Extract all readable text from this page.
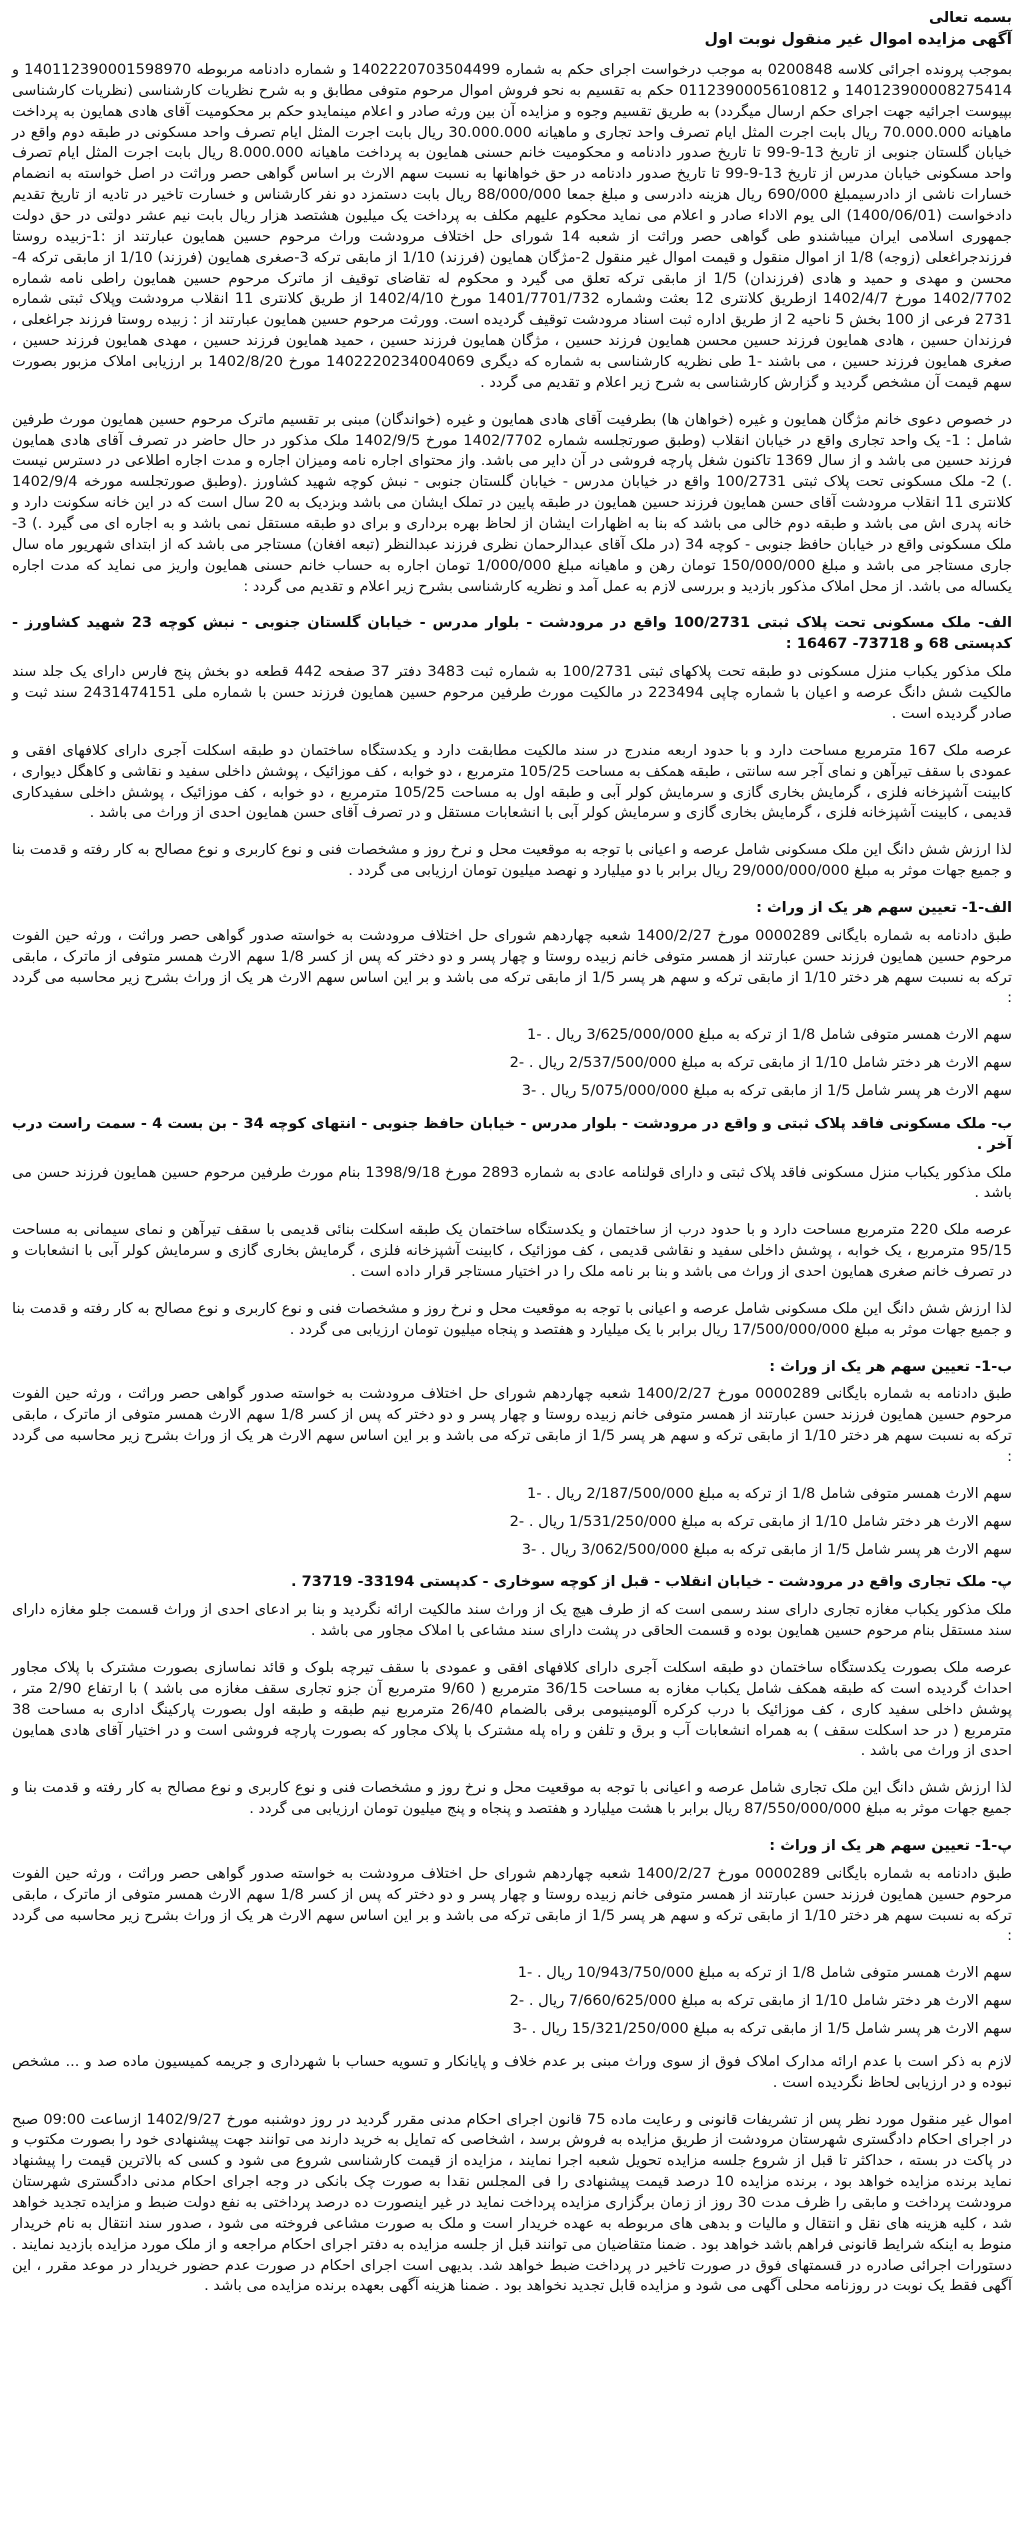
بسمه تعالی
آگهی مزایده اموال غیر منقول نوبت اول

بموجب پرونده اجرائی کلاسه 0200848 به موجب درخواست اجرای حکم به شماره 1402220703504499 و شماره دادنامه مربوطه 140112390001598970 و 140123900008275414 و 0112390005610812 حکم به تقسیم به نحو فروش اموال مرحوم متوفی مطابق و به شرح نظریات کارشناسی (نظریات کارشناسی بپیوست اجرائیه جهت اجرای حکم ارسال میگردد) به طریق تقسیم وجوه و مزایده آن بین ورثه صادر و اعلام مینمایدو حکم بر محکومیت آقای هادی همایون به پرداخت ماهیانه 70.000.000 ریال بابت اجرت المثل ایام تصرف واحد تجاری و ماهیانه 30.000.000 ریال بابت اجرت المثل ایام تصرف واحد مسکونی در طبقه دوم واقع در خیابان گلستان جنوبی از تاریخ 13-9-99 تا تاریخ صدور دادنامه و محکومیت خانم حسنی همایون به پرداخت ماهیانه 8.000.000 ریال بابت اجرت المثل ایام تصرف واحد مسکونی خیابان مدرس از تاریخ 13-9-99 تا تاریخ صدور دادنامه در حق خواهانها به نسبت سهم الارث بر اساس گواهی حصر وراثت در اصل خواسته به انضمام خسارات ناشی از دادرسیمبلغ 690/000 ریال هزینه دادرسی و مبلغ جمعا 88/000/000 ریال بابت دستمزد دو نفر کارشناس و خسارت تاخیر در تادیه از تاریخ تقدیم دادخواست (1400/06/01) الی یوم الاداء صادر و اعلام می نماید محکوم علیهم مکلف به پرداخت یک میلیون هشتصد هزار ریال بابت نیم عشر دولتی در حق دولت جمهوری اسلامی ایران میباشندو طی گواهی حصر وراثت از شعبه 14 شورای حل اختلاف مرودشت وراث مرحوم حسین همایون عبارتند از :1-زبیده روستا فرزندجراغعلی (زوجه) 1/8 از اموال منقول و قیمت اموال غیر منقول 2-مژگان همایون (فرزند) 1/10 از مابقی ترکه 3-صغری همایون (فرزند) 1/10 از مابقی ترکه 4-محسن و مهدی و حمید و هادی (فرزندان) 1/5 از مابقی ترکه تعلق می گیرد و محکوم له تقاضای توقیف از ماترک مرحوم حسین همایون راطی نامه شماره 1402/7702 مورخ 1402/4/7 ازطریق کلانتری 12 بعثت وشماره 1401/7701/732 مورخ 1402/4/10 از طریق کلانتری 11 انقلاب مرودشت وپلاک ثبتی شماره 2731 فرعی از 100 بخش 5 ناحیه 2 از طریق اداره ثبت اسناد مرودشت توقیف گردیده است. وورثت مرحوم حسین همایون عبارتند از : زبیده روستا فرزند جراغعلی ، فرزندان حسین ، هادی همایون فرزند حسین محسن همایون فرزند حسین ، مژگان همایون فرزند حسین ، حمید همایون فرزند حسین ، مهدی همایون فرزند حسین ، صغری همایون فرزند حسین ، می باشند -1 طی نظریه کارشناسی به شماره که دیگری 1402220234004069 مورخ 1402/8/20 بر ارزیابی املاک مزبور بصورت سهم قیمت آن مشخص گردید و گزارش کارشناسی به شرح زیر اعلام و تقدیم می گردد .

در خصوص دعوی خانم مژگان همایون و غیره (خواهان ها) بطرفیت آقای هادی همایون و غیره (خواندگان) مبنی بر تقسیم ماترک مرحوم حسین همایون مورث طرفین شامل : 1- یک واحد تجاری واقع در خیابان انقلاب (وطبق صورتجلسه شماره 1402/7702 مورخ 1402/9/5 ملک مذکور در حال حاضر در تصرف آقای هادی همایون فرزند حسین می باشد و از سال 1369 تاکنون شغل پارچه فروشی در آن دایر می باشد. واز محتوای اجاره نامه ومیزان اجاره و مدت اجاره اطلاعی در دسترس نیست .) 2- ملک مسکونی تحت پلاک ثبتی 100/2731 واقع در خیابان مدرس - خیابان گلستان جنوبی - نبش کوچه شهید کشاورز .(وطبق صورتجلسه مورخه 1402/9/4 کلانتری 11 انقلاب مرودشت آقای حسن همایون فرزند حسین همایون در طبقه پایین در تملک ایشان می باشد وبزدیک به 20 سال است که در این خانه سکونت دارد و خانه پدری اش می باشد و طبقه دوم خالی می باشد که بنا به اظهارات ایشان از لحاظ بهره برداری و برای دو طبقه مستقل نمی باشد و به اجاره ای می گیرد .) 3- ملک مسکونی واقع در خیابان حافظ جنوبی - کوچه 34 (در ملک آقای عبدالرحمان نظری فرزند عبدالنظر (تبعه افغان) مستاجر می باشد که از ابتدای شهریور ماه سال جاری مستاجر می باشد و مبلغ 150/000/000 تومان رهن و ماهیانه مبلغ 1/000/000 تومان اجاره به حساب خانم حسنی همایون واریز می نماید که مدت اجاره یکساله می باشد. از محل املاک مذکور بازدید و بررسی لازم به عمل آمد و نظریه کارشناسی بشرح زیر اعلام و تقدیم می گردد :

الف- ملک مسکونی تحت پلاک ثبتی 100/2731 واقع در مرودشت - بلوار مدرس - خیابان گلستان جنوبی - نبش کوچه 23 شهید کشاورز - کدپستی 68 و 73718- 16467 :

ملک مذکور یکباب منزل مسکونی دو طبقه تحت پلاکهای ثبتی 100/2731 به شماره ثبت 3483 دفتر 37 صفحه 442 قطعه دو بخش پنج فارس دارای یک جلد سند مالکیت شش دانگ عرصه و اعیان با شماره چاپی 223494 در مالکیت مورث طرفین مرحوم حسین همایون فرزند حسن با شماره ملی 2431474151 سند ثبت و صادر گردیده است .

عرصه ملک 167 مترمربع مساحت دارد و با حدود اربعه مندرج در سند مالکیت مطابقت دارد و یکدستگاه ساختمان دو طبقه اسکلت آجری دارای کلافهای افقی و عمودی با سقف تیرآهن و نمای آجر سه سانتی ، طبقه همکف به مساحت 105/25 مترمربع ، دو خوابه ، کف موزائیک ، پوشش داخلی سفید و نقاشی و کاهگل دیواری ، کابینت آشپزخانه فلزی ، گرمایش بخاری گازی و سرمایش کولر آبی و طبقه اول به مساحت 105/25 مترمربع ، دو خوابه ، کف موزائیک ، پوشش داخلی سفیدکاری قدیمی ، کابینت آشپزخانه فلزی ، گرمایش بخاری گازی و سرمایش کولر آبی با انشعابات مستقل و در تصرف آقای حسن همایون احدی از وراث می باشد .

لذا ارزش شش دانگ این ملک مسکونی شامل عرصه و اعیانی با توجه به موقعیت محل و نرخ روز و مشخصات فنی و نوع کاربری و نوع مصالح به کار رفته و قدمت بنا و جمیع جهات موثر به مبلغ 29/000/000/000 ریال برابر با دو میلیارد و نهصد میلیون تومان ارزیابی می گردد .

الف-1- تعیین سهم هر یک از وراث :

طبق دادنامه به شماره بایگانی 0000289 مورخ 1400/2/27 شعبه چهاردهم شورای حل اختلاف مرودشت به خواسته صدور گواهی حصر وراثت ، ورثه حین الفوت مرحوم حسین همایون فرزند حسن عبارتند از همسر متوفی خانم زبیده روستا و چهار پسر و دو دختر که پس از کسر 1/8 سهم الارث همسر متوفی از ماترک ، مابقی ترکه به نسبت سهم هر دختر 1/10 از مابقی ترکه و سهم هر پسر 1/5 از مابقی ترکه می باشد و بر این اساس سهم الارث هر یک از وراث بشرح زیر محاسبه می گردد :

سهم الارث همسر متوفی شامل 1/8 از ترکه به مبلغ 3/625/000/000 ریال . -1

سهم الارث هر دختر شامل 1/10 از مابقی ترکه به مبلغ 2/537/500/000 ریال . -2

سهم الارث هر پسر شامل 1/5 از مابقی ترکه به مبلغ 5/075/000/000 ریال . -3

ب- ملک مسکونی فاقد پلاک ثبتی و واقع در مرودشت - بلوار مدرس - خیابان حافظ جنوبی - انتهای کوچه 34 - بن بست 4 - سمت راست درب آخر .

ملک مذکور یکباب منزل مسکونی فاقد پلاک ثبتی و دارای قولنامه عادی به شماره 2893 مورخ 1398/9/18 بنام مورث طرفین مرحوم حسین همایون فرزند حسن می باشد .

عرصه ملک 220 مترمربع مساحت دارد و با حدود درب از ساختمان و یکدستگاه ساختمان یک طبقه اسکلت بنائی قدیمی با سقف تیرآهن و نمای سیمانی به مساحت 95/15 مترمربع ، یک خوابه ، پوشش داخلی سفید و نقاشی قدیمی ، کف موزائیک ، کابینت آشپزخانه فلزی ، گرمایش بخاری گازی و سرمایش کولر آبی با انشعابات و در تصرف خانم صغری همایون احدی از وراث می باشد و بنا بر نامه ملک را در اختیار مستاجر قرار داده است .

لذا ارزش شش دانگ این ملک مسکونی شامل عرصه و اعیانی با توجه به موقعیت محل و نرخ روز و مشخصات فنی و نوع کاربری و نوع مصالح به کار رفته و قدمت بنا و جمیع جهات موثر به مبلغ 17/500/000/000 ریال برابر با یک میلیارد و هفتصد و پنجاه میلیون تومان ارزیابی می گردد .

ب-1- تعیین سهم هر یک از وراث :

طبق دادنامه به شماره بایگانی 0000289 مورخ 1400/2/27 شعبه چهاردهم شورای حل اختلاف مرودشت به خواسته صدور گواهی حصر وراثت ، ورثه حین الفوت مرحوم حسین همایون فرزند حسن عبارتند از همسر متوفی خانم زبیده روستا و چهار پسر و دو دختر که پس از کسر 1/8 سهم الارث همسر متوفی از ماترک ، مابقی ترکه به نسبت سهم هر دختر 1/10 از مابقی ترکه و سهم هر پسر 1/5 از مابقی ترکه می باشد و بر این اساس سهم الارث هر یک از وراث بشرح زیر محاسبه می گردد :

سهم الارث همسر متوفی شامل 1/8 از ترکه به مبلغ 2/187/500/000 ریال . -1

سهم الارث هر دختر شامل 1/10 از مابقی ترکه به مبلغ 1/531/250/000 ریال . -2

سهم الارث هر پسر شامل 1/5 از مابقی ترکه به مبلغ 3/062/500/000 ریال . -3

پ- ملک تجاری واقع در مرودشت - خیابان انقلاب - قبل از کوچه سوخاری - کدپستی 33194- 73719 .

ملک مذکور یکباب مغازه تجاری دارای سند رسمی است که از طرف هیچ یک از وراث سند مالکیت ارائه نگردید و بنا بر ادعای احدی از وراث قسمت جلو مغازه دارای سند مستقل بنام مرحوم حسین همایون بوده و قسمت الحاقی در پشت دارای سند مشاعی با املاک مجاور می باشد .

عرصه ملک بصورت یکدستگاه ساختمان دو طبقه اسکلت آجری دارای کلافهای افقی و عمودی با سقف تیرچه بلوک و قائد نماسازی بصورت مشترک با پلاک مجاور احداث گردیده است که طبقه همکف شامل یکباب مغازه به مساحت 36/15 مترمربع ( 9/60 مترمربع آن جزو تجاری سقف مغازه می باشد ) با ارتفاع 2/90 متر ، پوشش داخلی سفید کاری ، کف موزائیک با درب کرکره آلومینیومی برقی بالضمام 26/40 مترمربع نیم طبقه و طبقه اول بصورت پارکینگ اداری به مساحت 38 مترمربع ( در حد اسکلت سقف ) به همراه انشعابات آب و برق و تلفن و راه پله مشترک با پلاک مجاور که بصورت پارچه فروشی است و در اختیار آقای هادی همایون احدی از وراث می باشد .

لذا ارزش شش دانگ این ملک تجاری شامل عرصه و اعیانی با توجه به موقعیت محل و نرخ روز و مشخصات فنی و نوع کاربری و نوع مصالح به کار رفته و قدمت بنا و جمیع جهات موثر به مبلغ 87/550/000/000 ریال برابر با هشت میلیارد و هفتصد و پنجاه و پنج میلیون تومان ارزیابی می گردد .

پ-1- تعیین سهم هر یک از وراث :

طبق دادنامه به شماره بایگانی 0000289 مورخ 1400/2/27 شعبه چهاردهم شورای حل اختلاف مرودشت به خواسته صدور گواهی حصر وراثت ، ورثه حین الفوت مرحوم حسین همایون فرزند حسن عبارتند از همسر متوفی خانم زبیده روستا و چهار پسر و دو دختر که پس از کسر 1/8 سهم الارث همسر متوفی از ماترک ، مابقی ترکه به نسبت سهم هر دختر 1/10 از مابقی ترکه و سهم هر پسر 1/5 از مابقی ترکه می باشد و بر این اساس سهم الارث هر یک از وراث بشرح زیر محاسبه می گردد :

سهم الارث همسر متوفی شامل 1/8 از ترکه به مبلغ 10/943/750/000 ریال . -1

سهم الارث هر دختر شامل 1/10 از مابقی ترکه به مبلغ 7/660/625/000 ریال . -2

سهم الارث هر پسر شامل 1/5 از مابقی ترکه به مبلغ 15/321/250/000 ریال . -3

لازم به ذکر است با عدم ارائه مدارک املاک فوق از سوی وراث مبنی بر عدم خلاف و پایانکار و تسویه حساب با شهرداری و جریمه کمیسیون ماده صد و ... مشخص نبوده و در ارزیابی لحاظ نگردیده است .

اموال غیر منقول مورد نظر پس از تشریفات قانونی و رعایت ماده 75 قانون اجرای احکام مدنی مقرر گردید در روز دوشنبه مورخ 1402/9/27 ازساعت 09:00 صبح در اجرای احکام دادگستری شهرستان مرودشت از طریق مزایده به فروش برسد ، اشخاصی که تمایل به خرید دارند می توانند جهت پیشنهادی خود را بصورت مکتوب و در پاکت در بسته ، حداکثر تا قبل از شروع جلسه مزایده تحویل شعبه اجرا نمایند ، مزایده از قیمت کارشناسی شروع می شود و کسی که بالاترین قیمت را پیشنهاد نماید برنده مزایده خواهد بود ، برنده مزایده 10 درصد قیمت پیشنهادی را فی المجلس نقدا به صورت چک بانکی در وجه اجرای احکام مدنی دادگستری شهرستان مرودشت پرداخت و مابقی را ظرف مدت 30 روز از زمان برگزاری مزایده پرداخت نماید در غیر اینصورت ده درصد پرداختی به نفع دولت ضبط و مزایده تجدید خواهد شد ، کلیه هزینه های نقل و انتقال و مالیات و بدهی های مربوطه به عهده خریدار است و ملک به صورت مشاعی فروخته می شود ، صدور سند انتقال به نام خریدار منوط به اینکه شرایط قانونی فراهم باشد خواهد بود . ضمنا متقاضیان می توانند قبل از جلسه مزایده به دفتر اجرای احکام مراجعه و از ملک مورد مزایده بازدید نمایند . دستورات اجرائی صادره در قسمتهای فوق در صورت تاخیر در پرداخت ضبط خواهد شد. بدیهی است اجرای احکام در صورت عدم حضور خریدار در موعد مقرر ، این آگهی فقط یک نوبت در روزنامه محلی آگهی می شود و مزایده قابل تجدید نخواهد بود . ضمنا هزینه آگهی بعهده برنده مزایده می باشد .
